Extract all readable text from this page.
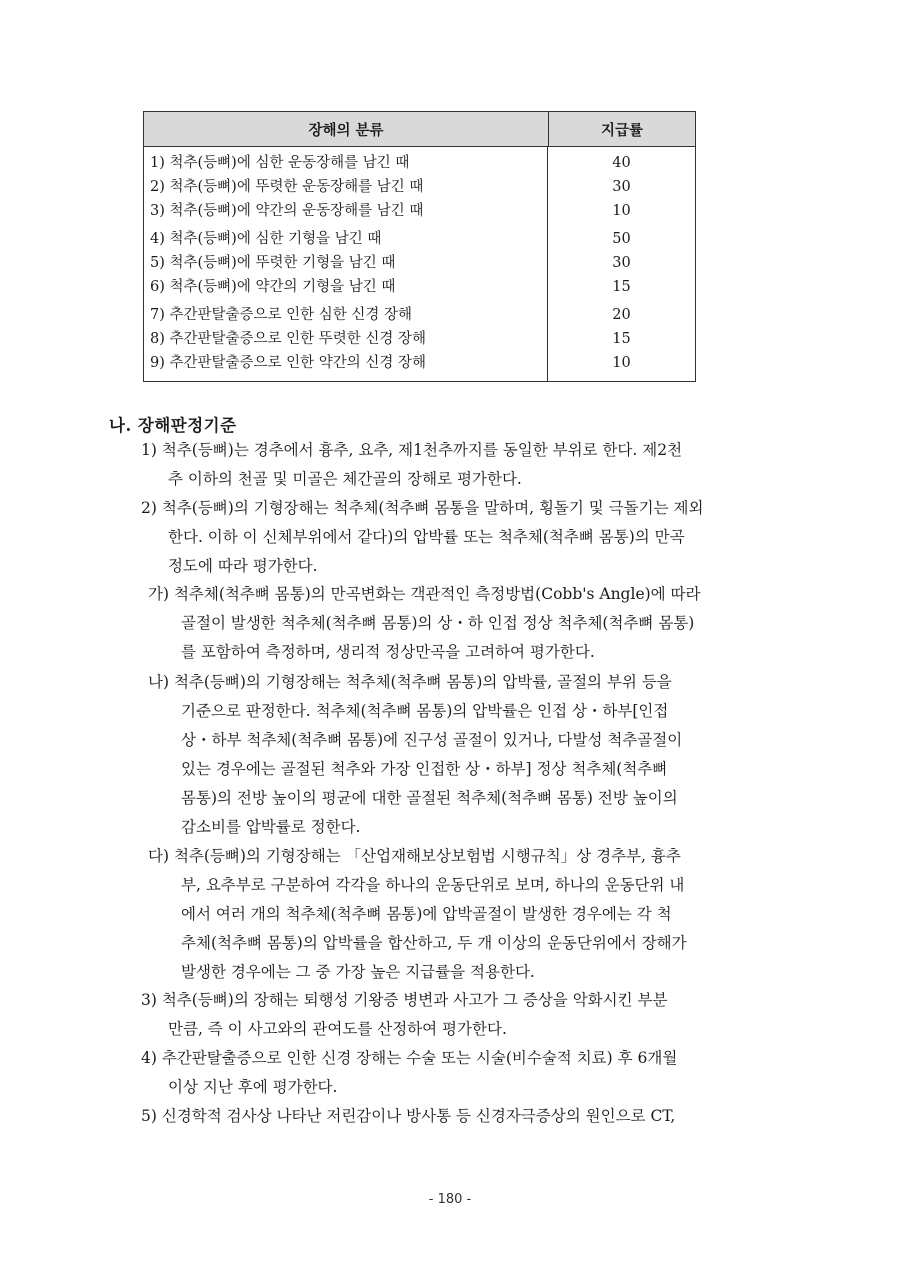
장해의 분류	지급률
1) 척추(등뼈)에 심한 운동장해를 남긴 때
2) 척추(등뼈)에 뚜렷한 운동장해를 남긴 때
3) 척추(등뼈)에 약간의 운동장해를 남긴 때
4) 척추(등뼈)에 심한 기형을 남긴 때
5) 척추(등뼈)에 뚜렷한 기형을 남긴 때
6) 척추(등뼈)에 약간의 기형을 남긴 때
7) 추간판탈출증으로 인한 심한 신경 장해
8) 추간판탈출증으로 인한 뚜렷한 신경 장해
9) 추간판탈출증으로 인한 약간의 신경 장해
40
30
10
50
30
15
20
15
10
나. 장해판정기준
1) 척추(등뼈)는 경추에서 흉추, 요추, 제1천추까지를 동일한 부위로 한다. 제2천
추 이하의 천골 및 미골은 체간골의 장해로 평가한다.
2) 척추(등뼈)의 기형장해는 척추체(척추뼈 몸통을 말하며, 횡돌기 및 극돌기는 제외
한다. 이하 이 신체부위에서 같다)의 압박률 또는 척추체(척추뼈 몸통)의 만곡
정도에 따라 평가한다.
가) 척추체(척추뼈 몸통)의 만곡변화는 객관적인 측정방법(Cobb's Angle)에 따라
골절이 발생한 척추체(척추뼈 몸통)의 상・하 인접 정상 척추체(척추뼈 몸통)
를 포함하여 측정하며, 생리적 정상만곡을 고려하여 평가한다.
나) 척추(등뼈)의 기형장해는 척추체(척추뼈 몸통)의 압박률, 골절의 부위 등을
기준으로 판정한다. 척추체(척추뼈 몸통)의 압박률은 인접 상・하부[인접
상・하부 척추체(척추뼈 몸통)에 진구성 골절이 있거나, 다발성 척추골절이
있는 경우에는 골절된 척추와 가장 인접한 상・하부] 정상 척추체(척추뼈
몸통)의 전방 높이의 평균에 대한 골절된 척추체(척추뼈 몸통) 전방 높이의
감소비를 압박률로 정한다.
다) 척추(등뼈)의 기형장해는 「산업재해보상보험법 시행규칙」상 경추부, 흉추
부, 요추부로 구분하여 각각을 하나의 운동단위로 보며, 하나의 운동단위 내
에서 여러 개의 척추체(척추뼈 몸통)에 압박골절이 발생한 경우에는 각 척
추체(척추뼈 몸통)의 압박률을 합산하고, 두 개 이상의 운동단위에서 장해가
발생한 경우에는 그 중 가장 높은 지급률을 적용한다.
3) 척추(등뼈)의 장해는 퇴행성 기왕증 병변과 사고가 그 증상을 악화시킨 부분
만큼, 즉 이 사고와의 관여도를 산정하여 평가한다.
4) 추간판탈출증으로 인한 신경 장해는 수술 또는 시술(비수술적 치료) 후 6개월
이상 지난 후에 평가한다.
5) 신경학적 검사상 나타난 저린감이나 방사통 등 신경자극증상의 원인으로 CT,
- 180 -
